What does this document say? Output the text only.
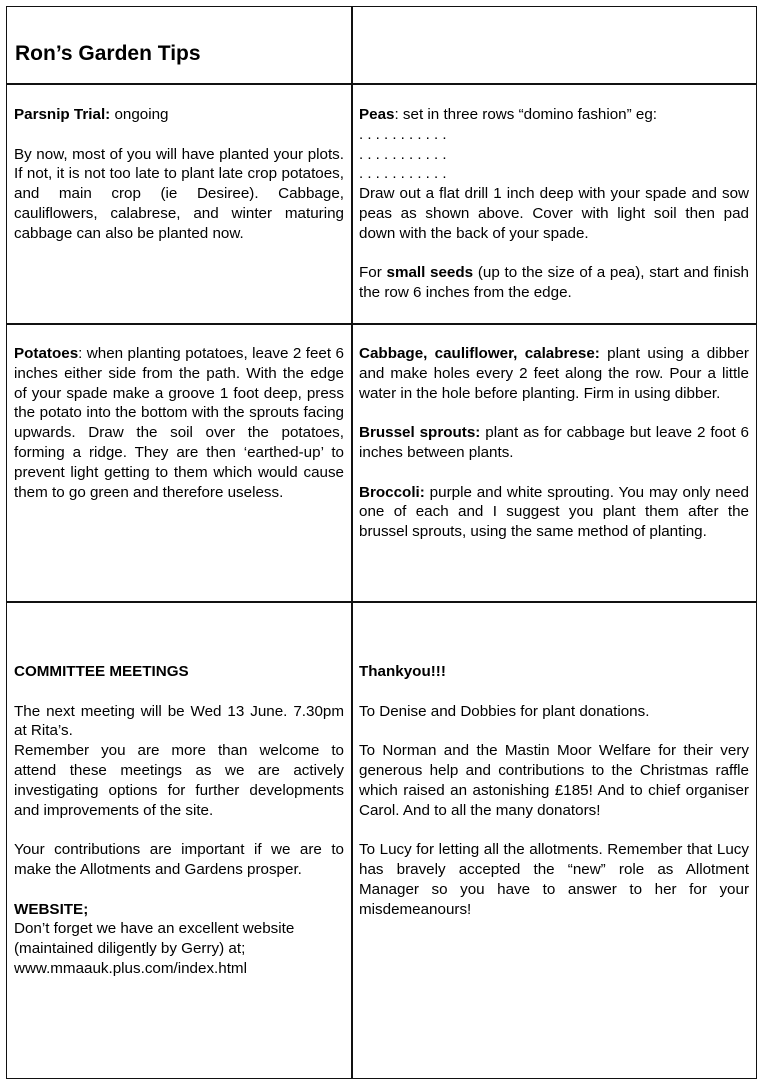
Ron’s Garden Tips

Parsnip Trial: ongoing

By now, most of you will have planted your plots. If not, it is not too late to plant late crop potatoes, and main crop (ie Desiree). Cabbage, cauliflowers, calabrese, and winter maturing cabbage can also be planted now.

Peas: set in three rows “domino fashion” eg:

. . . . . . . . . . .

. . . . . . . . . . .

. . . . . . . . . . .

Draw out a flat drill 1 inch deep with your spade and sow peas as shown above. Cover with light soil then pad down with the back of your spade.

For small seeds (up to the size of a pea), start and finish the row 6 inches from the edge.

Potatoes: when planting potatoes, leave 2 feet 6 inches either side from the path. With the edge of your spade make a groove 1 foot deep, press the potato into the bottom with the sprouts facing upwards. Draw the soil over the potatoes, forming a ridge. They are then ‘earthed-up’ to prevent light getting to them which would cause them to go green and therefore useless.

Cabbage, cauliflower, calabrese: plant using a dibber and make holes every 2 feet along the row. Pour a little water in the hole before planting. Firm in using dibber.

Brussel sprouts: plant as for cabbage but leave 2 foot 6 inches between plants.

Broccoli: purple and white sprouting. You may only need one of each and I suggest you plant them after the brussel sprouts, using the same method of planting.

COMMITTEE MEETINGS

The next meeting will be Wed 13 June. 7.30pm at Rita’s.

Remember you are more than welcome to attend these meetings as we are actively investigating options for further developments and improvements of the site.

Your contributions are important if we are to make the Allotments and Gardens prosper.

WEBSITE;

Don’t forget we have an excellent website (maintained diligently by Gerry) at;

www.mmaauk.plus.com/index.html

Thankyou!!!

To Denise and Dobbies for plant donations.

To Norman and the Mastin Moor Welfare for their very generous help and contributions to the Christmas raffle which raised an astonishing £185! And to chief organiser Carol. And to all the many donators!

To Lucy for letting all the allotments. Remember that Lucy has bravely accepted the “new” role as Allotment Manager so you have to answer to her for your misdemeanours!
